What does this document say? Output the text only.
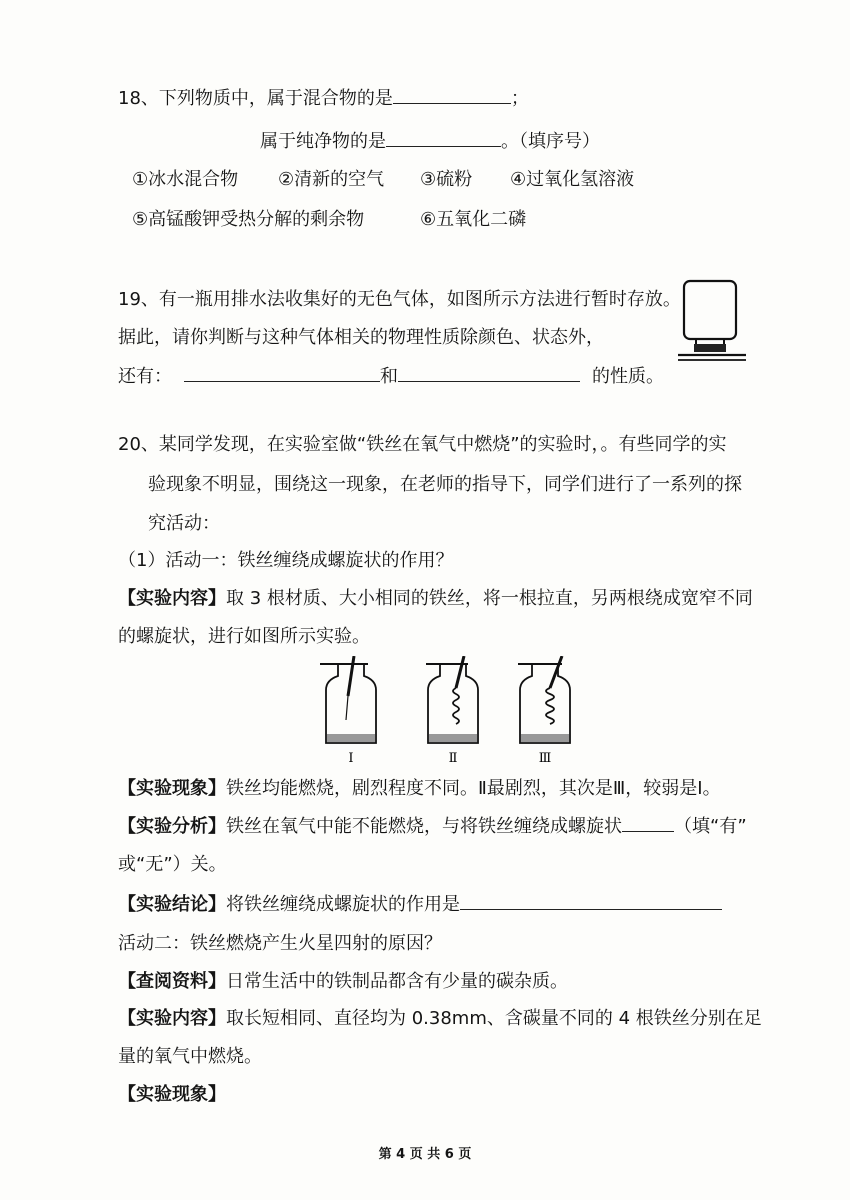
18、下列物质中，属于混合物的是	；
属于纯净物的是	。（填序号）
①冰水混合物 ②清新的空气 ③硫粉 ④过氧化氢溶液
⑤高锰酸钾受热分解的剩余物	⑥五氧化二磷
19、有一瓶用排水法收集好的无色气体，如图所示方法进行暂时存放。
据此，请你判断与这种气体相关的物理性质除颜色、状态外，
还有：	和	的性质。
20、某同学发现，在实验室做“铁丝在氧气中燃烧”的实验时，。有些同学的实
验现象不明显，围绕这一现象，在老师的指导下，同学们进行了一系列的探
究活动：
（1）活动一：铁丝缠绕成螺旋状的作用？
【实验内容】取 3 根材质、大小相同的铁丝，将一根拉直，另两根绕成宽窄不同
的螺旋状，进行如图所示实验。
Ⅰ	Ⅱ	Ⅲ
【实验现象】铁丝均能燃烧，剧烈程度不同。Ⅱ最剧烈，其次是Ⅲ，较弱是Ⅰ。
【实验分析】铁丝在氧气中能不能燃烧，与将铁丝缠绕成螺旋状	（填“有”
或“无”）关。
【实验结论】将铁丝缠绕成螺旋状的作用是
活动二：铁丝燃烧产生火星四射的原因？
【查阅资料】日常生活中的铁制品都含有少量的碳杂质。
【实验内容】取长短相同、直径均为 0.38mm、含碳量不同的 4 根铁丝分别在足
量的氧气中燃烧。
【实验现象】
第 4 页 共 6 页
